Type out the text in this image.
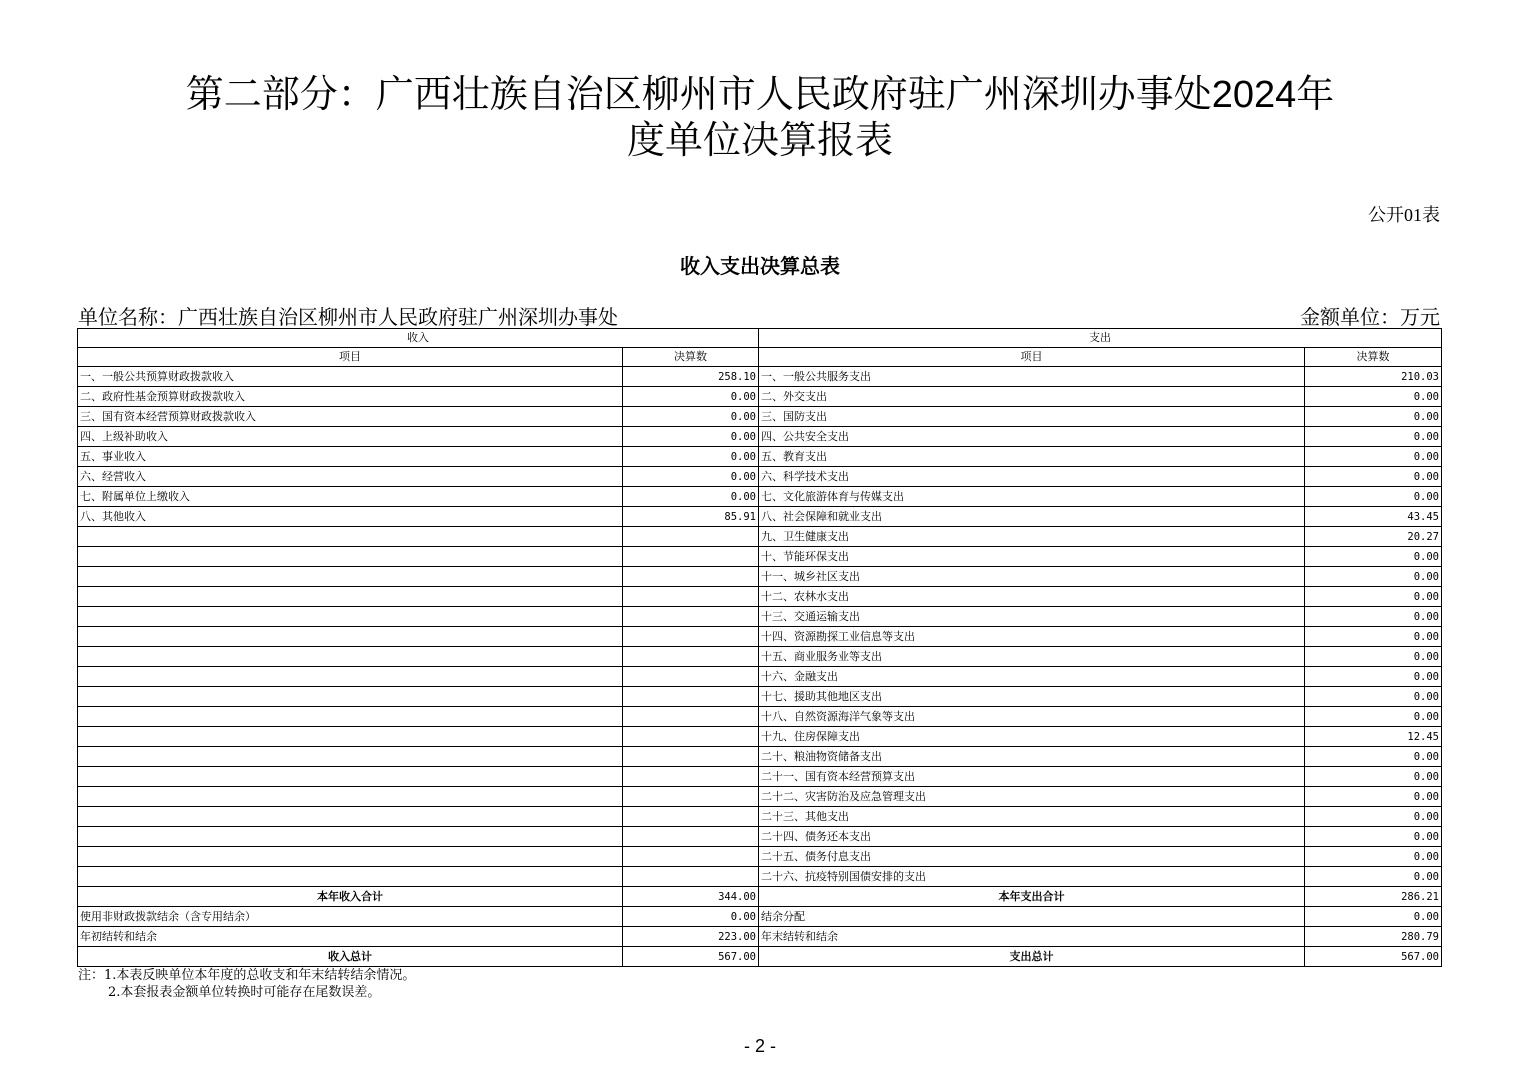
第二部分：广西壮族自治区柳州市人民政府驻广州深圳办事处2024年
度单位决算报表
公开01表
收入支出决算总表
单位名称：广西壮族自治区柳州市人民政府驻广州深圳办事处	金额单位：万元
收入		支出	
项目	决算数	项目	决算数
一、一般公共预算财政拨款收入	258.10	一、一般公共服务支出	210.03
二、政府性基金预算财政拨款收入	0.00	二、外交支出	0.00
三、国有资本经营预算财政拨款收入	0.00	三、国防支出	0.00
四、上级补助收入	0.00	四、公共安全支出	0.00
五、事业收入	0.00	五、教育支出	0.00
六、经营收入	0.00	六、科学技术支出	0.00
七、附属单位上缴收入	0.00	七、文化旅游体育与传媒支出	0.00
八、其他收入	85.91	八、社会保障和就业支出	43.45
		九、卫生健康支出	20.27
		十、节能环保支出	0.00
		十一、城乡社区支出	0.00
		十二、农林水支出	0.00
		十三、交通运输支出	0.00
		十四、资源勘探工业信息等支出	0.00
		十五、商业服务业等支出	0.00
		十六、金融支出	0.00
		十七、援助其他地区支出	0.00
		十八、自然资源海洋气象等支出	0.00
		十九、住房保障支出	12.45
		二十、粮油物资储备支出	0.00
		二十一、国有资本经营预算支出	0.00
		二十二、灾害防治及应急管理支出	0.00
		二十三、其他支出	0.00
		二十四、债务还本支出	0.00
		二十五、债务付息支出	0.00
		二十六、抗疫特别国债安排的支出	0.00
本年收入合计	344.00	本年支出合计	286.21
使用非财政拨款结余（含专用结余）	0.00	结余分配	0.00
年初结转和结余	223.00	年末结转和结余	280.79
收入总计	567.00	支出总计	567.00
注：1.本表反映单位本年度的总收支和年末结转结余情况。
2.本套报表金额单位转换时可能存在尾数误差。
- 2 -
